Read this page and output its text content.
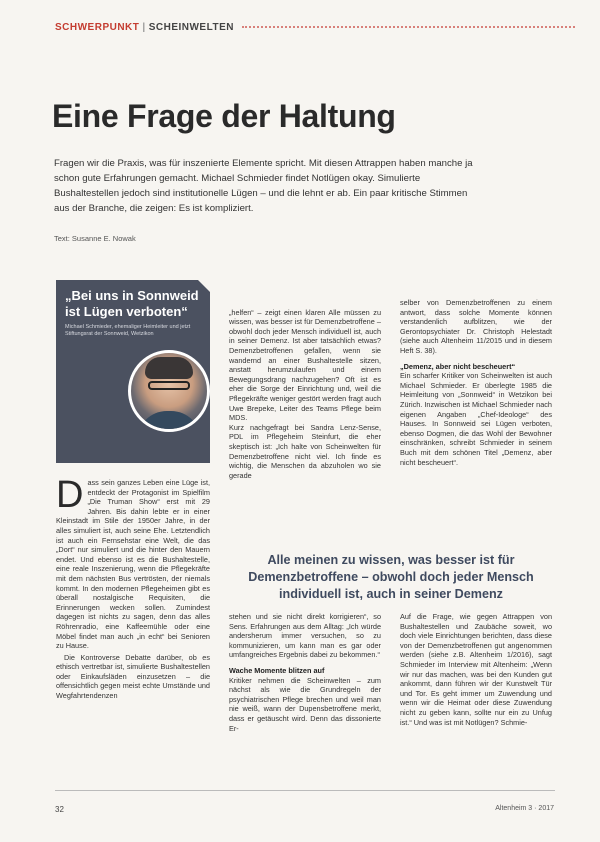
SCHWERPUNKT | SCHEINWELTEN
Eine Frage der Haltung

Fragen wir die Praxis, was für inszenierte Elemente spricht. Mit diesen Attrappen haben manche ja schon gute Erfahrungen gemacht. Michael Schmieder findet Notlügen okay. Simulierte Bushaltestellen jedoch sind institutionelle Lügen – und die lehnt er ab. Ein paar kritische Stimmen aus der Branche, die zeigen: Es ist kompliziert.

Text: Susanne E. Nowak
„Bei uns in Sonnweid ist Lügen verboten“
Michael Schmieder, ehemaliger Heimleiter und jetzt Stiftungsrat der Sonnweid, Wetzikon
D ass sein ganzes Leben eine Lüge ist, entdeckt der Protagonist im Spielfilm „Die Truman Show“ erst mit 29 Jahren. Bis dahin lebte er in einer Kleinstadt im Stile der 1950er Jahre, in der alles simuliert ist, auch seine Ehe. Letztendlich ist auch ein Fernsehstar eine Welt, die das „Dort“ nur simuliert und die hinter den Mauern endet. Und ebenso ist es die Bushaltestelle, eine reale Inszenierung, wenn die Pflegekräfte mit dem nächsten Bus vertrösten, der niemals kommt. In den modernen Pflegeheimen gibt es überall nostalgische Requisiten, die Erinnerungen wecken sollen. Zumindest dagegen ist nichts zu sagen, denn das alles Röhrenradio, eine Kaffeemühle oder eine Möbel findet man auch „in echt“ bei Senioren zu Hause.
Die Kontroverse Debatte darüber, ob es ethisch vertretbar ist, simulierte Bushaltestellen oder Einkaufsläden einzusetzen – die offensichtlich gegen meist echte Umstände und Wegfahrtendenzen

„helfen“ – zeigt einen klaren Alle müssen zu wissen, was besser ist für Demenzbetroffene – obwohl doch jeder Mensch individuell ist, auch in seiner Demenz. Ist aber tatsächlich etwas? Demenzbetroffenen gefallen, wenn sie wandernd an einer Bushaltestelle sitzen, anstatt herumzulaufen und einem Bewegungsdrang nachzugehen? Oft ist es eher die Sorge der Einrichtung und, weil die Pflegekräfte weniger gestört werden fragt auch Uwe Brepeke, Leiter des Teams Pflege beim MDS.
Kurz nachgefragt bei Sandra Lenz-Sense, PDL im Pflegeheim Steinfurt, die eher skeptisch ist: „Ich halte von Scheinwelten für Demenzbetroffene nicht viel. Ich finde es wichtig, die Menschen da abzuholen wo sie gerade

selber von Demenzbetroffenen zu einem antwort, dass solche Momente können verstandenlich aufblitzen, wie der Gerontopsychiater Dr. Christoph Helestadt (siehe auch Altenheim 11/2015 und in diesem Heft S. 38).
„Demenz, aber nicht bescheuert“
Ein scharfer Kritiker von Scheinwelten ist auch Michael Schmieder. Er überlegte 1985 die Heimleitung von „Sonnweid“ in Wetzikon bei Zürich. Inzwischen ist Michael Schmieder nach eigenen Angaben „Chef-Ideologe“ des Hauses. In Sonnweid sei Lügen verboten, ebenso Dogmen, die das Wohl der Bewohner einschränken, schreibt Schmieder in seinem Buch mit dem schönen Titel „Demenz, aber nicht bescheuert“.

Alle meinen zu wissen, was besser ist für Demenzbetroffene – obwohl doch jeder Mensch individuell ist, auch in seiner Demenz

stehen und sie nicht direkt korrigieren“, so Sens. Erfahrungen aus dem Alltag: „Ich würde andersherum immer versuchen, so zu kommunizieren, um kann man es gar oder umfangreiches Ergebnis dabei zu bekommen.“
Wache Momente blitzen auf
Kritiker nehmen die Scheinwelten – zum nächst als wie die Grundregeln der psychiatrischen Pflege brechen und weil man nie weiß, wann der Dupensbetroffene merkt, dass er getäuscht wird. Denn das dissonierte Er-
Auf die Frage, wie gegen Attrappen von Bushaltestellen und Zaubäche soweit, wo doch viele Einrichtungen berichten, dass diese von der Demenzbetroffenen gut angenommen werden (siehe z.B. Altenheim 1/2016), sagt Schmieder im Interview mit Altenheim: „Wenn wir nur das machen, was bei den Kunden gut ankommt, dann führen wir der Kunstwelt Tür und Tor. Es geht immer um Zuwendung und wenn wir die Heimat oder diese Zuwendung nicht zu geben kann, sollte nur ein zu Unfug ist.“ Und was ist mit Notlügen? Schmie-
32	Altenheim 3 · 2017
